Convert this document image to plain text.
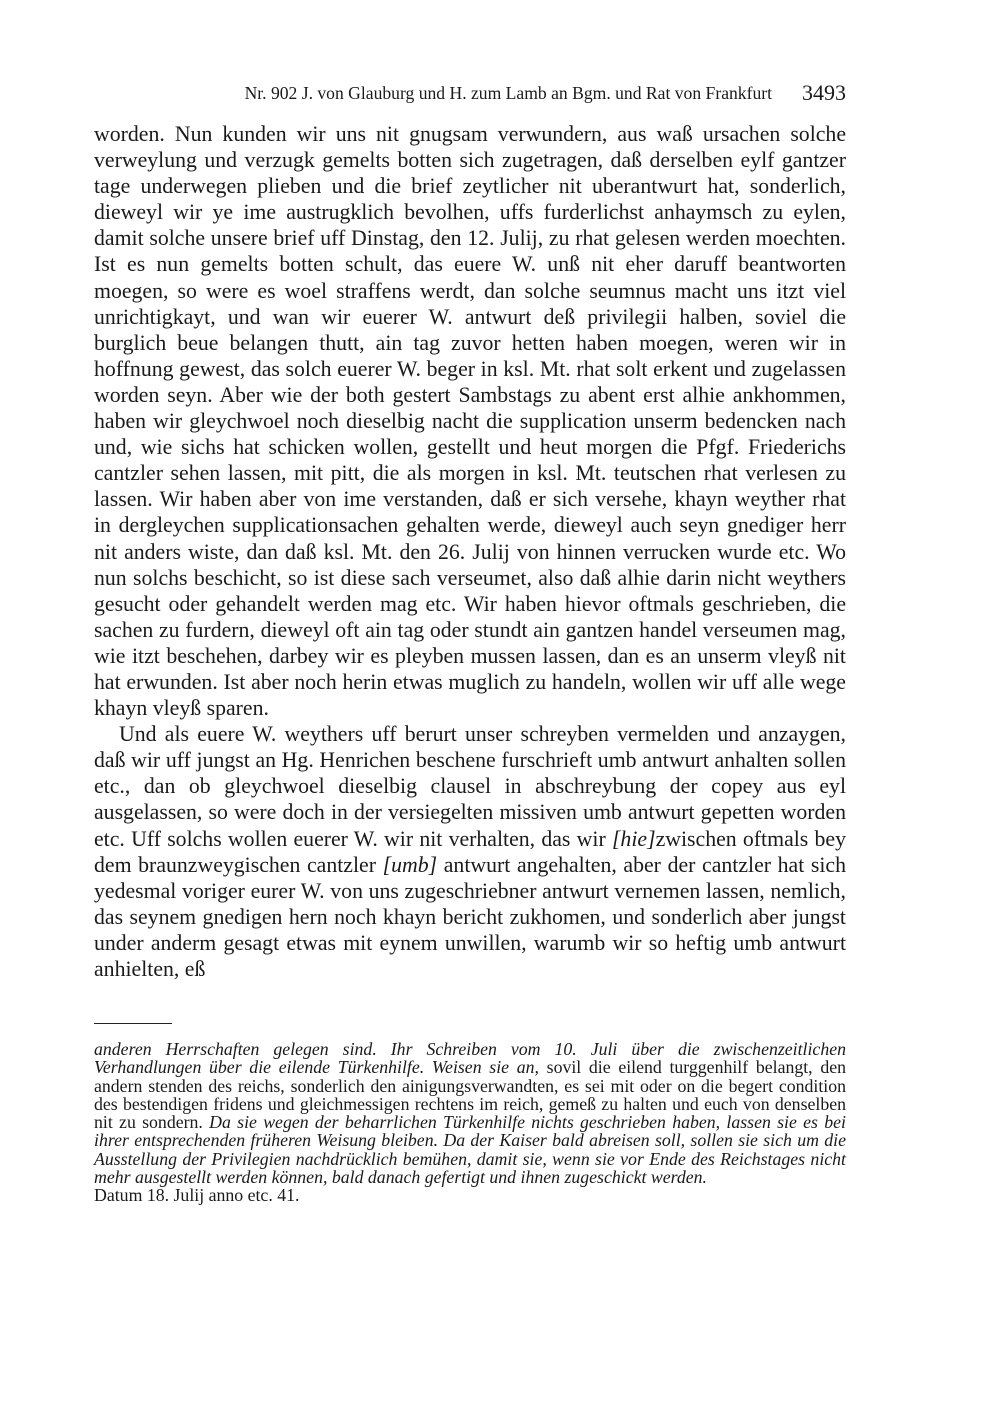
Nr. 902 J. von Glauburg und H. zum Lamb an Bgm. und Rat von Frankfurt 3493

worden. Nun kunden wir uns nit gnugsam verwundern, aus waß ursachen solche verweylung und verzugk gemelts botten sich zugetragen, daß derselben eylf gantzer tage underwegen plieben und die brief zeytlicher nit uberantwurt hat, sonderlich, dieweyl wir ye ime austrugklich bevolhen, uffs furderlichst anhaymsch zu eylen, damit solche unsere brief uff Dinstag, den 12. Julij, zu rhat gelesen werden moechten. Ist es nun gemelts botten schult, das euere W. unß nit eher daruff beantworten moegen, so were es woel straffens werdt, dan solche seumnus macht uns itzt viel unrichtigkayt, und wan wir euerer W. antwurt deß privilegii halben, soviel die burglich beue belangen thutt, ain tag zuvor hetten haben moegen, weren wir in hoffnung gewest, das solch euerer W. beger in ksl. Mt. rhat solt erkent und zugelassen worden seyn. Aber wie der both gestert Sambstags zu abent erst alhie ankhommen, haben wir gleychwoel noch dieselbig nacht die supplication unserm bedencken nach und, wie sichs hat schicken wollen, gestellt und heut morgen die Pfgf. Friederichs cantzler sehen lassen, mit pitt, die als morgen in ksl. Mt. teutschen rhat verlesen zu lassen. Wir haben aber von ime verstanden, daß er sich versehe, khayn weyther rhat in dergleychen supplicationsachen gehalten werde, dieweyl auch seyn gnediger herr nit anders wiste, dan daß ksl. Mt. den 26. Julij von hinnen verrucken wurde etc. Wo nun solchs beschicht, so ist diese sach verseumet, also daß alhie darin nicht weythers gesucht oder gehandelt werden mag etc. Wir haben hievor oftmals geschrieben, die sachen zu furdern, dieweyl oft ain tag oder stundt ain gantzen handel verseumen mag, wie itzt beschehen, darbey wir es pleyben mussen lassen, dan es an unserm vleyß nit hat erwunden. Ist aber noch herin etwas muglich zu handeln, wollen wir uff alle wege khayn vleyß sparen.

Und als euere W. weythers uff berurt unser schreyben vermelden und anzaygen, daß wir uff jungst an Hg. Henrichen beschene furschrieft umb antwurt anhalten sollen etc., dan ob gleychwoel dieselbig clausel in abschreybung der copey aus eyl ausgelassen, so were doch in der versiegelten missiven umb antwurt gepetten worden etc. Uff solchs wollen euerer W. wir nit verhalten, das wir [hie]zwischen oftmals bey dem braunzweygischen cantzler [umb] antwurt angehalten, aber der cantzler hat sich yedesmal voriger eurer W. von uns zugeschriebner antwurt vernemen lassen, nemlich, das seynem gnedigen hern noch khayn bericht zukhomen, und sonderlich aber jungst under anderm gesagt etwas mit eynem unwillen, warumb wir so heftig umb antwurt anhielten, eß

anderen Herrschaften gelegen sind. Ihr Schreiben vom 10. Juli über die zwischenzeitlichen Verhandlungen über die eilende Türkenhilfe. Weisen sie an, sovil die eilend turggenhilf belangt, den andern stenden des reichs, sonderlich den ainigungsverwandten, es sei mit oder on die begert condition des bestendigen fridens und gleichmessigen rechtens im reich, gemeß zu halten und euch von denselben nit zu sondern. Da sie wegen der beharrlichen Türkenhilfe nichts geschrieben haben, lassen sie es bei ihrer entsprechenden früheren Weisung bleiben. Da der Kaiser bald abreisen soll, sollen sie sich um die Ausstellung der Privilegien nachdrücklich bemühen, damit sie, wenn sie vor Ende des Reichstages nicht mehr ausgestellt werden können, bald danach gefertigt und ihnen zugeschickt werden.

Datum 18. Julij anno etc. 41.
